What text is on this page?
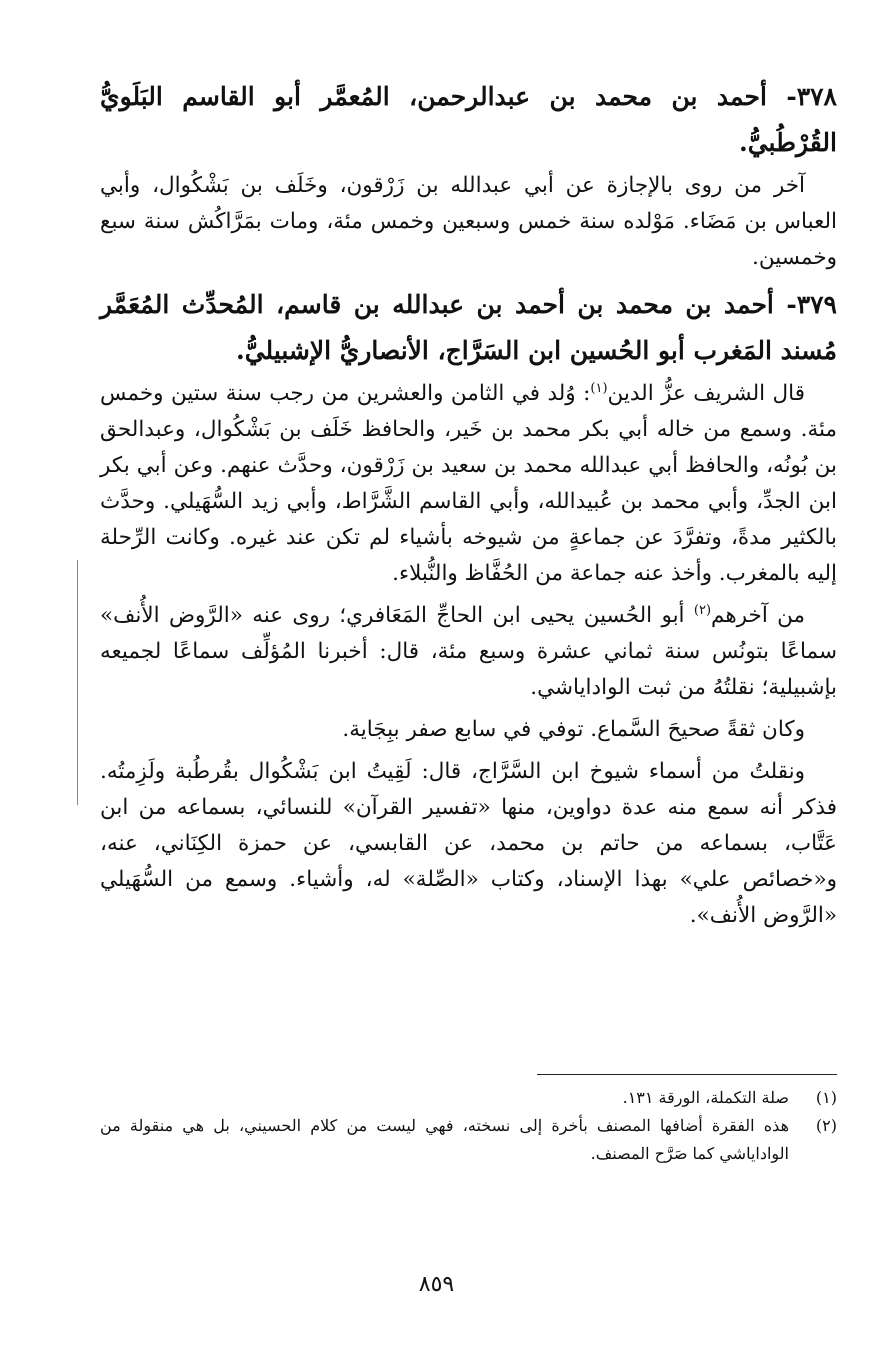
٣٧٨- أحمد بن محمد بن عبدالرحمن، المُعمَّر أبو القاسم البَلَويُّ القُرْطُبيُّ.

آخر من روى بالإجازة عن أبي عبدالله بن زَرْقون، وخَلَف بن بَشْكُوال، وأبي العباس بن مَضَاء. مَوْلده سنة خمس وسبعين وخمس مئة، ومات بمَرَّاكُش سنة سبع وخمسين.

٣٧٩- أحمد بن محمد بن أحمد بن عبدالله بن قاسم، المُحدِّث المُعَمَّر مُسند المَغرب أبو الحُسين ابن السَرَّاج، الأنصاريُّ الإشبيليُّ.

قال الشريف عزُّ الدين$^{(١)}$: وُلد في الثامن والعشرين من رجب سنة ستين وخمس مئة. وسمع من خاله أبي بكر محمد بن خَير، والحافظ خَلَف بن بَشْكُوال، وعبدالحق بن بُونُه، والحافظ أبي عبدالله محمد بن سعيد بن زَرْقون، وحدَّث عنهم. وعن أبي بكر ابن الجدِّ، وأبي محمد بن عُبيدالله، وأبي القاسم الشَّرَّاط، وأبي زيد السُّهَيلي. وحدَّث بالكثير مدةً، وتفرَّدَ عن جماعةٍ من شيوخه بأشياء لم تكن عند غيره. وكانت الرِّحلة إليه بالمغرب. وأخذ عنه جماعة من الحُفَّاظ والنُّبلاء.

من آخرهم$^{(٢)}$ أبو الحُسين يحيى ابن الحاجِّ المَعَافري؛ روى عنه «الرَّوض الأُنف» سماعًا بتونُس سنة ثماني عشرة وسبع مئة، قال: أخبرنا المُؤلِّف سماعًا لجميعه بإشبيلية؛ نقلتُهُ من ثبت الواداياشي.

وكان ثقةً صحيحَ السَّماع. توفي في سابع صفر ببِجَاية.

ونقلتُ من أسماء شيوخ ابن السَّرَّاج، قال: لَقِيتُ ابن بَشْكُوال بقُرطُبة ولَزِمتُه. فذكر أنه سمع منه عدة دواوين، منها «تفسير القرآن» للنسائي، بسماعه من ابن عَتَّاب، بسماعه من حاتم بن محمد، عن القابسي، عن حمزة الكِنَاني، عنه، و«خصائص علي» بهذا الإسناد، وكتاب «الصِّلة» له، وأشياء. وسمع من السُّهَيلي «الرَّوض الأُنف».

(١)
صلة التكملة، الورقة ١٣١.
(٢)
هذه الفقرة أضافها المصنف بأخرة إلى نسخته، فهي ليست من كلام الحسيني، بل هي منقولة من الواداياشي كما صَرَّح المصنف.
٨٥٩
